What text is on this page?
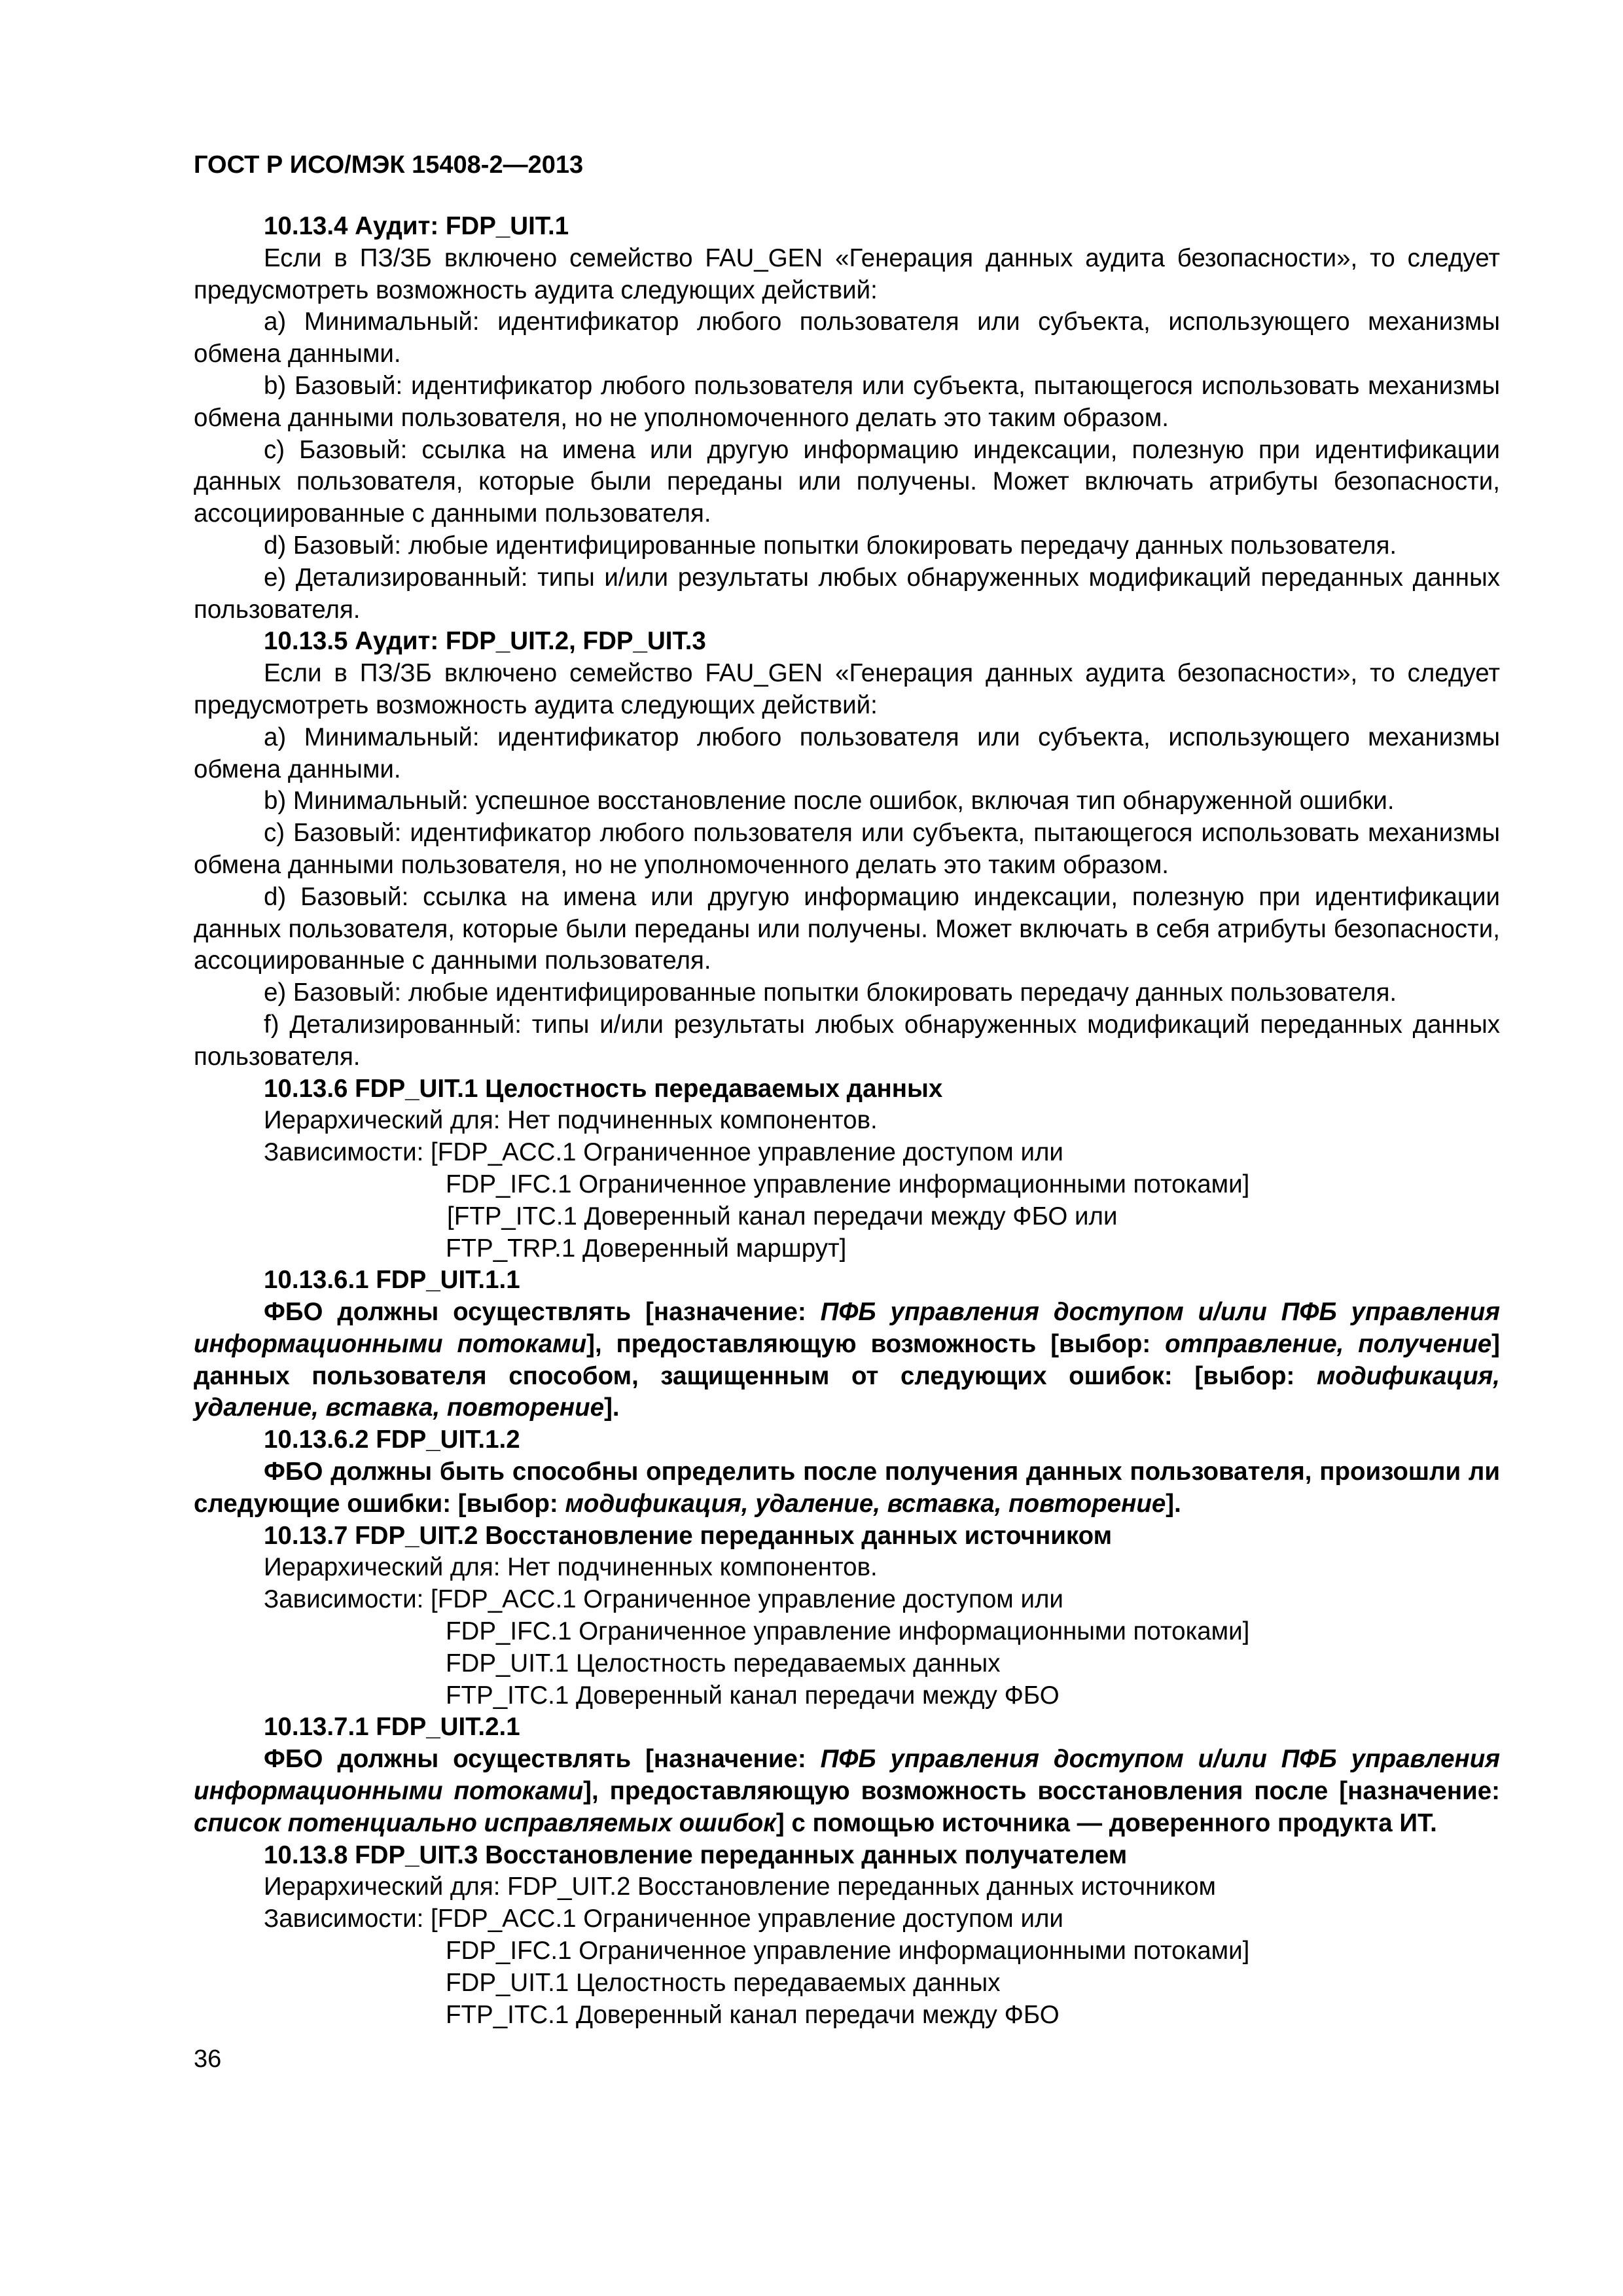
ГОСТ Р ИСО/МЭК 15408-2—2013

10.13.4 Аудит: FDP_UIT.1

Если в ПЗ/ЗБ включено семейство FAU_GEN «Генерация данных аудита безопасности», то следует предусмотреть возможность аудита следующих действий:

a) Минимальный: идентификатор любого пользователя или субъекта, использующего механизмы обмена данными.

b) Базовый: идентификатор любого пользователя или субъекта, пытающегося использовать механизмы обмена данными пользователя, но не уполномоченного делать это таким образом.

c) Базовый: ссылка на имена или другую информацию индексации, полезную при идентификации данных пользователя, которые были переданы или получены. Может включать атрибуты безопасности, ассоциированные с данными пользователя.

d) Базовый: любые идентифицированные попытки блокировать передачу данных пользователя.

e) Детализированный: типы и/или результаты любых обнаруженных модификаций переданных данных пользователя.

10.13.5 Аудит: FDP_UIT.2, FDP_UIT.3

Если в ПЗ/ЗБ включено семейство FAU_GEN «Генерация данных аудита безопасности», то следует предусмотреть возможность аудита следующих действий:

a) Минимальный: идентификатор любого пользователя или субъекта, использующего механизмы обмена данными.

b) Минимальный: успешное восстановление после ошибок, включая тип обнаруженной ошибки.

c) Базовый: идентификатор любого пользователя или субъекта, пытающегося использовать механизмы обмена данными пользователя, но не уполномоченного делать это таким образом.

d) Базовый: ссылка на имена или другую информацию индексации, полезную при идентификации данных пользователя, которые были переданы или получены. Может включать в себя атрибуты безопасности, ассоциированные с данными пользователя.

e) Базовый: любые идентифицированные попытки блокировать передачу данных пользователя.

f) Детализированный: типы и/или результаты любых обнаруженных модификаций переданных данных пользователя.

10.13.6 FDP_UIT.1 Целостность передаваемых данных

Иерархический для: Нет подчиненных компонентов.

Зависимости: [FDP_ACC.1 Ограниченное управление доступом или

FDP_IFC.1 Ограниченное управление информационными потоками]

[FTP_ITC.1 Доверенный канал передачи между ФБО или

FTP_TRP.1 Доверенный маршрут]

10.13.6.1 FDP_UIT.1.1

ФБО должны осуществлять [назначение: ПФБ управления доступом и/или ПФБ управления информационными потоками], предоставляющую возможность [выбор: отправление, получение] данных пользователя способом, защищенным от следующих ошибок: [выбор: модификация, удаление, вставка, повторение].

10.13.6.2 FDP_UIT.1.2

ФБО должны быть способны определить после получения данных пользователя, произошли ли следующие ошибки: [выбор: модификация, удаление, вставка, повторение].

10.13.7 FDP_UIT.2 Восстановление переданных данных источником

Иерархический для: Нет подчиненных компонентов.

Зависимости: [FDP_ACC.1 Ограниченное управление доступом или

FDP_IFC.1 Ограниченное управление информационными потоками]

FDP_UIT.1 Целостность передаваемых данных

FTP_ITC.1 Доверенный канал передачи между ФБО

10.13.7.1 FDP_UIT.2.1

ФБО должны осуществлять [назначение: ПФБ управления доступом и/или ПФБ управления информационными потоками], предоставляющую возможность восстановления после [назначение: список потенциально исправляемых ошибок] с помощью источника — доверенного продукта ИТ.

10.13.8 FDP_UIT.3 Восстановление переданных данных получателем

Иерархический для: FDP_UIT.2 Восстановление переданных данных источником

Зависимости: [FDP_ACC.1 Ограниченное управление доступом или

FDP_IFC.1 Ограниченное управление информационными потоками]

FDP_UIT.1 Целостность передаваемых данных

FTP_ITC.1 Доверенный канал передачи между ФБО

36
